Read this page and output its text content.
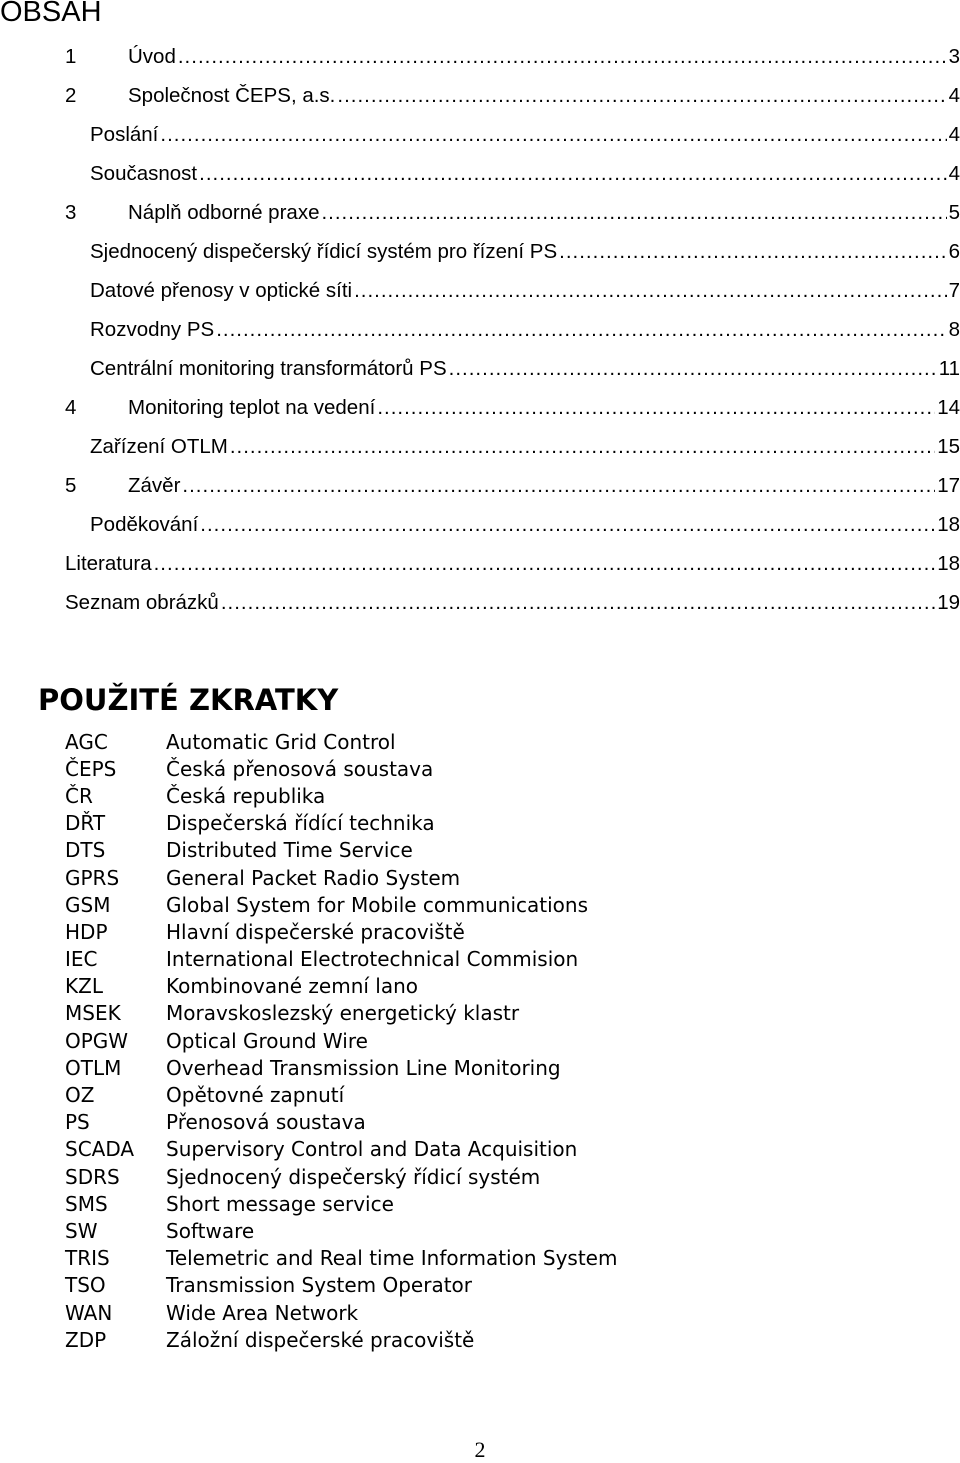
OBSAH
1	Úvod .....	3
2	Společnost ČEPS, a.s. .....	4
Poslání .....	4
Současnost .....	4
3	Náplň odborné praxe .....	5
Sjednocený dispečerský řídicí systém pro řízení PS .....	6
Datové přenosy v optické síti .....	7
Rozvodny PS .....	8
Centrální monitoring transformátorů PS .....	11
4	Monitoring teplot na vedení .....	14
Zařízení OTLM .....	15
5	Závěr .....	17
Poděkování .....	18
Literatura .....	18
Seznam obrázků .....	19
POUŽITÉ ZKRATKY
AGC	Automatic Grid Control
ČEPS	Česká přenosová soustava
ČR	Česká republika
DŘT	Dispečerská řídící technika
DTS	Distributed Time Service
GPRS	General Packet Radio System
GSM	Global System for Mobile communications
HDP	Hlavní dispečerské pracoviště
IEC	International Electrotechnical Commision
KZL	Kombinované zemní lano
MSEK	Moravskoslezský energetický klastr
OPGW	Optical Ground Wire
OTLM	Overhead Transmission Line Monitoring
OZ	Opětovné zapnutí
PS	Přenosová soustava
SCADA	Supervisory Control and Data Acquisition
SDRS	Sjednocený dispečerský řídicí systém
SMS	Short message service
SW	Software
TRIS	Telemetric and Real time Information System
TSO	Transmission System Operator
WAN	Wide Area Network
ZDP	Záložní dispečerské pracoviště
2
